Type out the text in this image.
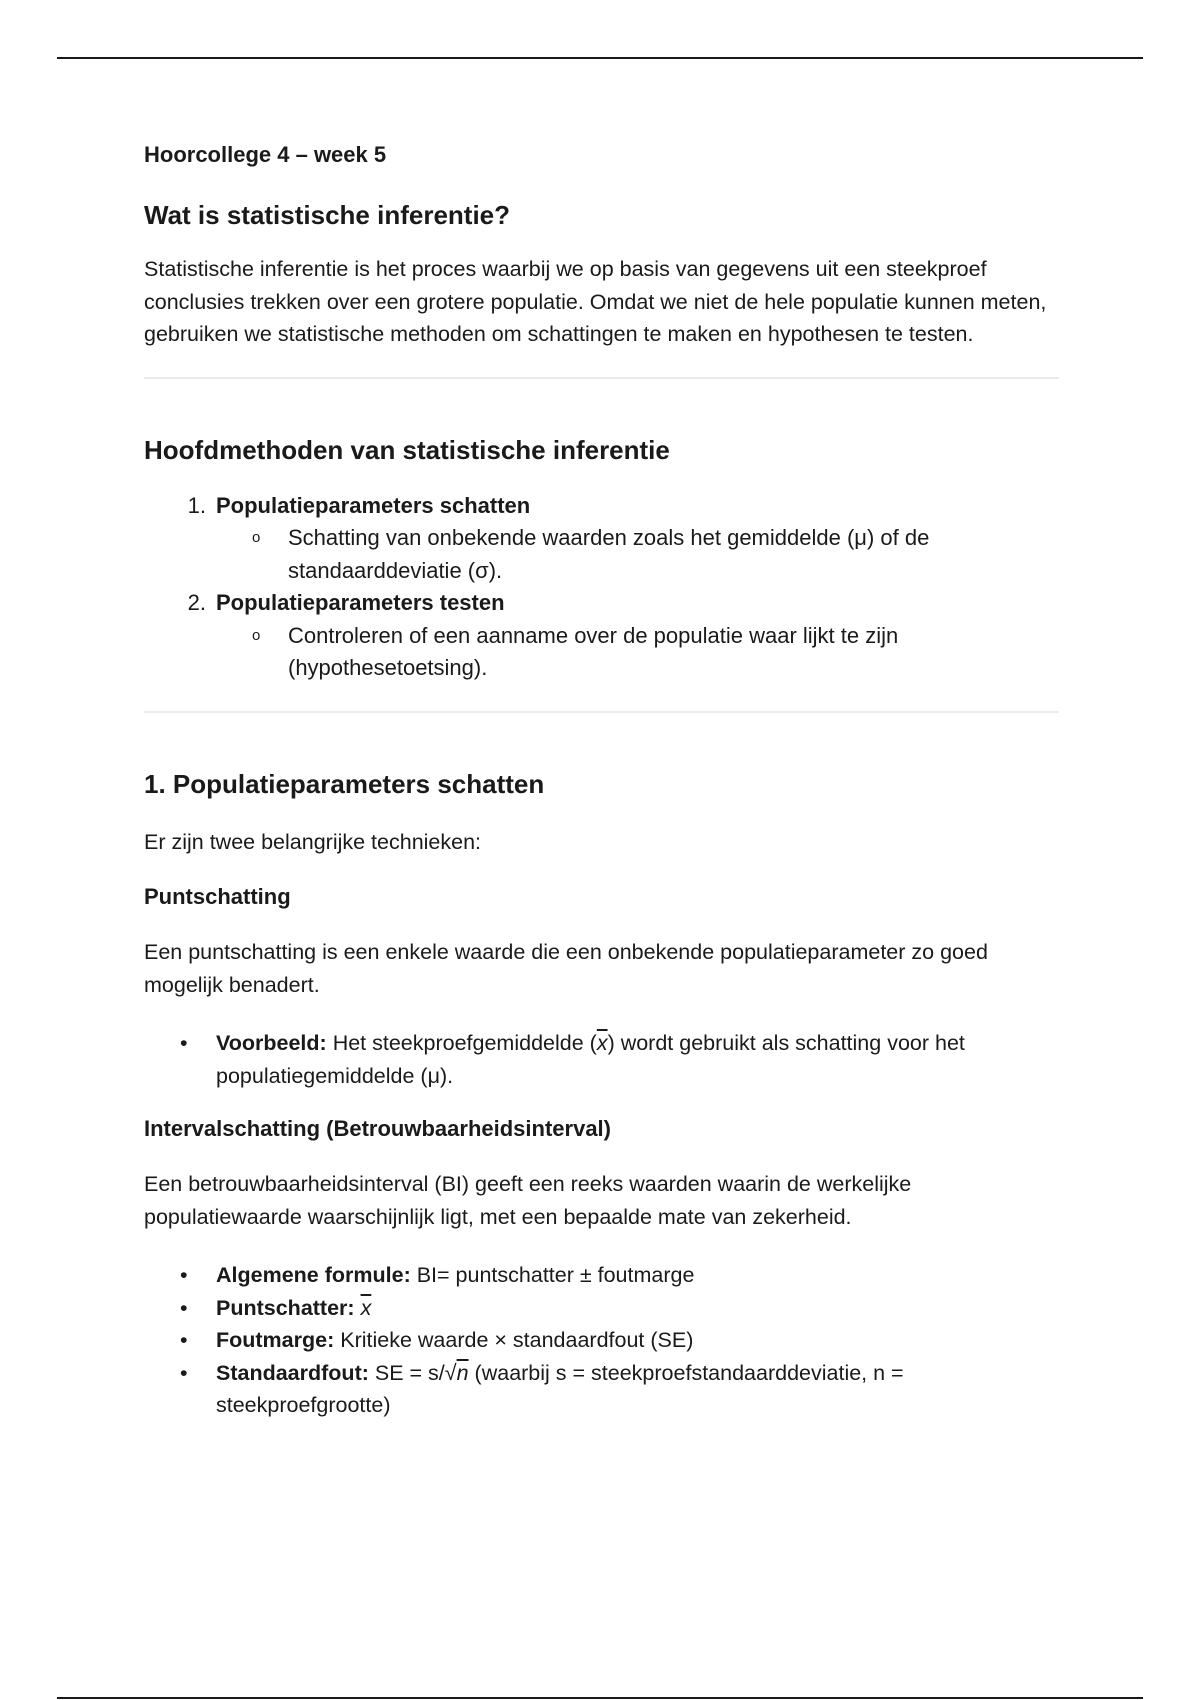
Hoorcollege 4 – week 5
Wat is statistische inferentie?

Statistische inferentie is het proces waarbij we op basis van gegevens uit een steekproef conclusies trekken over een grotere populatie. Omdat we niet de hele populatie kunnen meten, gebruiken we statistische methoden om schattingen te maken en hypothesen te testen.

Hoofdmethoden van statistische inferentie
1. Populatieparameters schatten
o Schatting van onbekende waarden zoals het gemiddelde (μ) of de standaarddeviatie (σ).
2. Populatieparameters testen
o Controleren of een aanname over de populatie waar lijkt te zijn (hypothesetoetsing).
1. Populatieparameters schatten

Er zijn twee belangrijke technieken:

Puntschatting

Een puntschatting is een enkele waarde die een onbekende populatieparameter zo goed mogelijk benadert.

• Voorbeeld: Het steekproefgemiddelde $(\overline{x})$ wordt gebruikt als schatting voor het populatiegemiddelde (μ).
Intervalschatting (Betrouwbaarheidsinterval)

Een betrouwbaarheidsinterval (BI) geeft een reeks waarden waarin de werkelijke populatiewaarde waarschijnlijk ligt, met een bepaalde mate van zekerheid.

• Algemene formule: BI= puntschatter ± foutmarge
• Puntschatter: $\overline{x}$
• Foutmarge: Kritieke waarde × standaardfout (SE)
• Standaardfout: SE = s/√n (waarbij s = steekproefstandaarddeviatie, n = steekproefgrootte)
